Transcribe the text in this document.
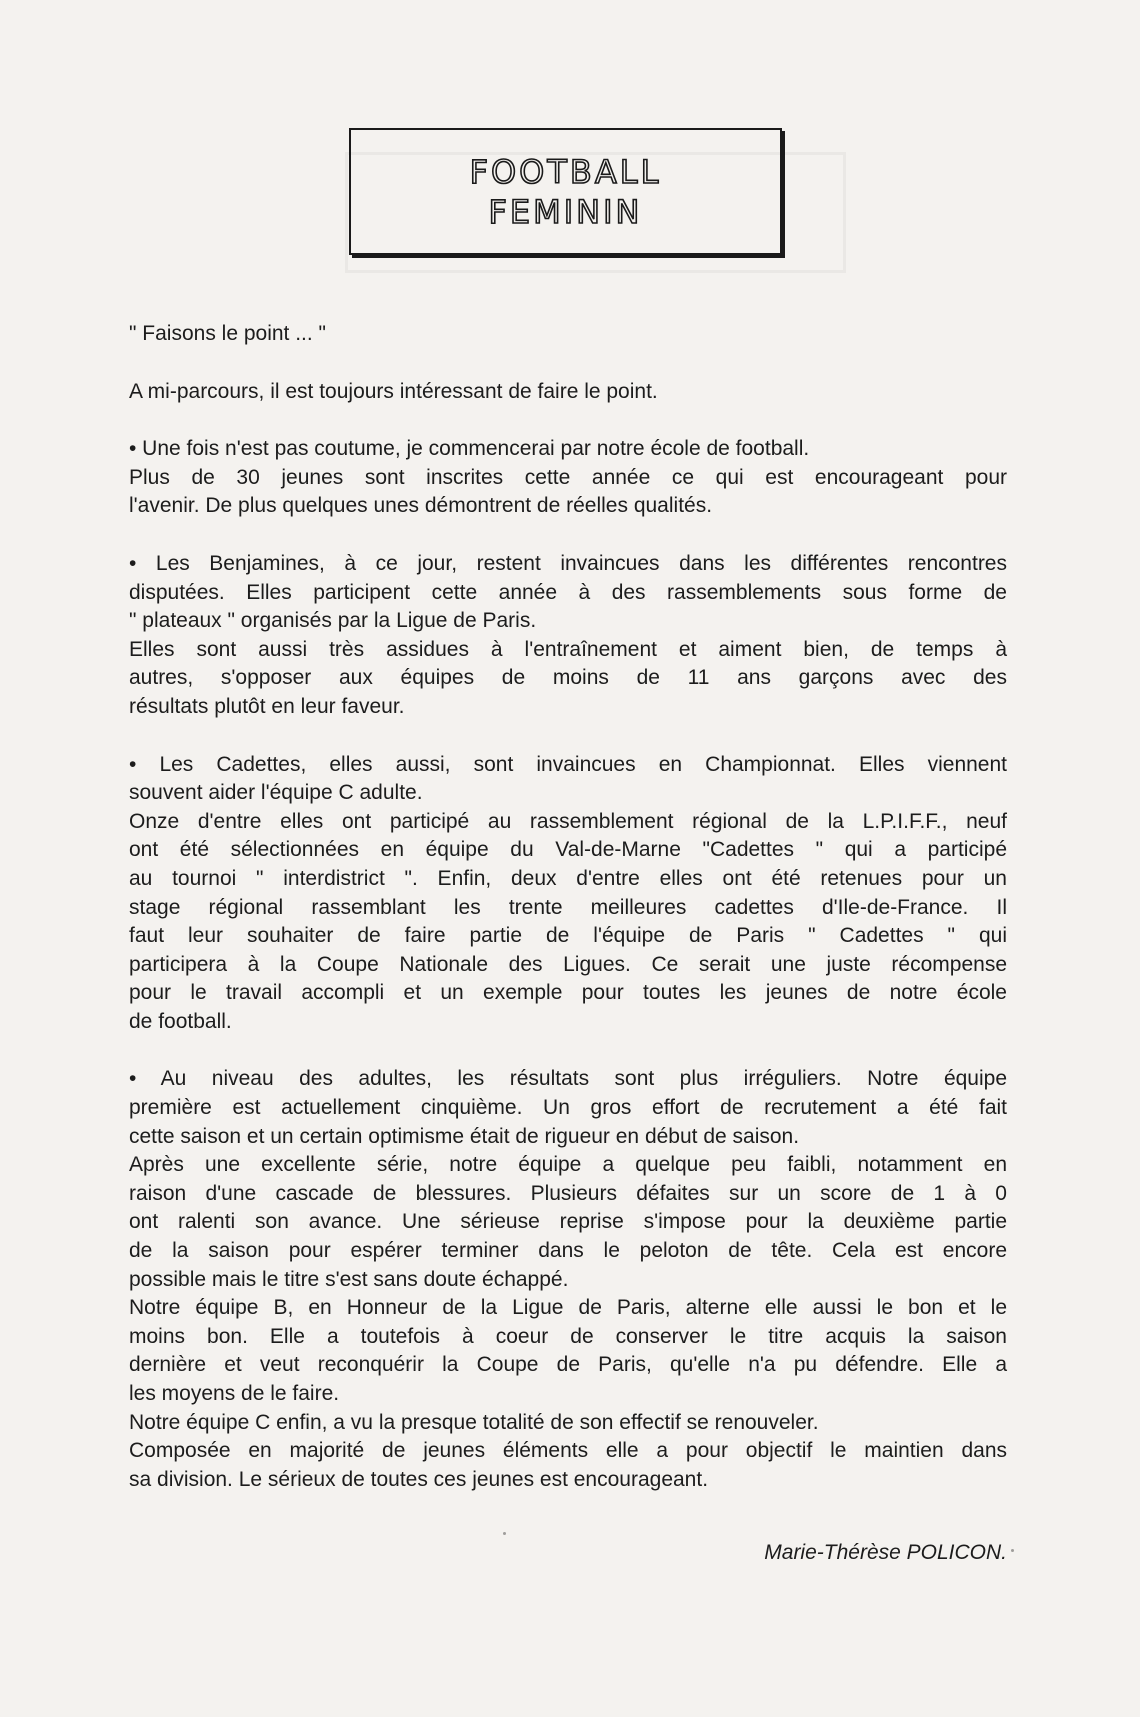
FOOTBALL
FEMININ

" Faisons le point ... "

A mi-parcours, il est toujours intéressant de faire le point.
• Une fois n'est pas coutume, je commencerai par notre école de football.
Plus de 30 jeunes sont inscrites cette année ce qui est encourageant pour
l'avenir. De plus quelques unes démontrent de réelles qualités.
• Les Benjamines, à ce jour, restent invaincues dans les différentes rencontres
disputées. Elles participent cette année à des rassemblements sous forme de
" plateaux " organisés par la Ligue de Paris.
Elles sont aussi très assidues à l'entraînement et aiment bien, de temps à
autres, s'opposer aux équipes de moins de 11 ans garçons avec des
résultats plutôt en leur faveur.
• Les Cadettes, elles aussi, sont invaincues en Championnat. Elles viennent
souvent aider l'équipe C adulte.
Onze d'entre elles ont participé au rassemblement régional de la L.P.I.F.F., neuf
ont été sélectionnées en équipe du Val-de-Marne "Cadettes " qui a participé
au tournoi " interdistrict ". Enfin, deux d'entre elles ont été retenues pour un
stage régional rassemblant les trente meilleures cadettes d'Ile-de-France. Il
faut leur souhaiter de faire partie de l'équipe de Paris " Cadettes " qui
participera à la Coupe Nationale des Ligues. Ce serait une juste récompense
pour le travail accompli et un exemple pour toutes les jeunes de notre école
de football.
• Au niveau des adultes, les résultats sont plus irréguliers. Notre équipe
première est actuellement cinquième. Un gros effort de recrutement a été fait
cette saison et un certain optimisme était de rigueur en début de saison.
Après une excellente série, notre équipe a quelque peu faibli, notamment en
raison d'une cascade de blessures. Plusieurs défaites sur un score de 1 à 0
ont ralenti son avance. Une sérieuse reprise s'impose pour la deuxième partie
de la saison pour espérer terminer dans le peloton de tête. Cela est encore
possible mais le titre s'est sans doute échappé.
Notre équipe B, en Honneur de la Ligue de Paris, alterne elle aussi le bon et le
moins bon. Elle a toutefois à coeur de conserver le titre acquis la saison
dernière et veut reconquérir la Coupe de Paris, qu'elle n'a pu défendre. Elle a
les moyens de le faire.
Notre équipe C enfin, a vu la presque totalité de son effectif se renouveler.
Composée en majorité de jeunes éléments elle a pour objectif le maintien dans
sa division. Le sérieux de toutes ces jeunes est encourageant.
Marie-Thérèse POLICON.
